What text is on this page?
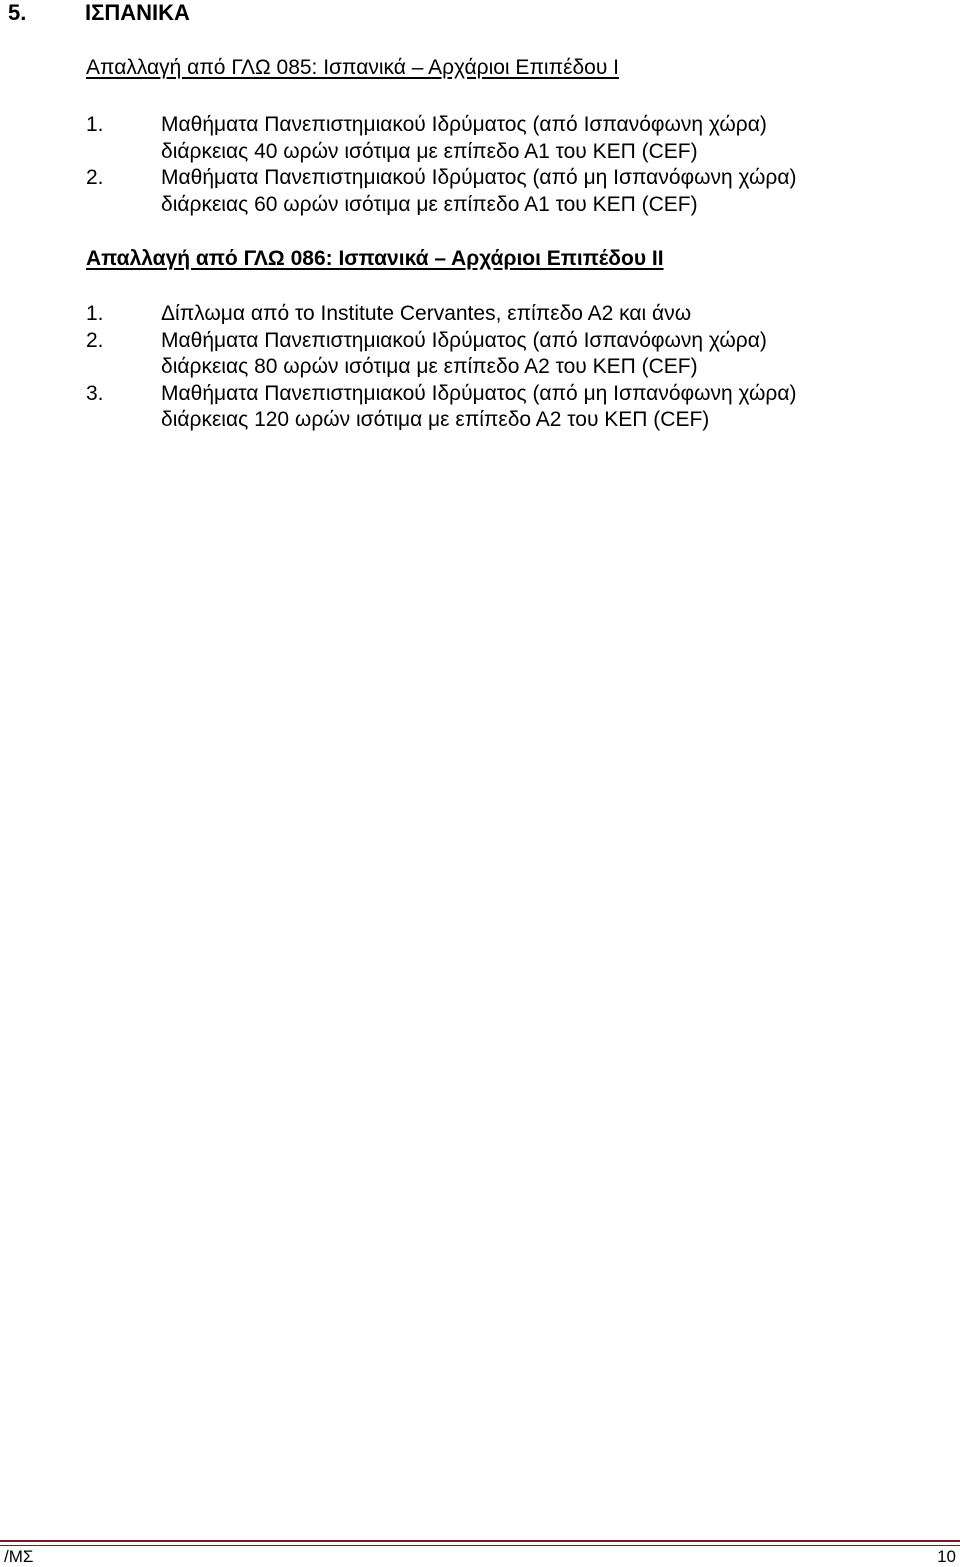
5.	ΙΣΠΑΝΙΚΑ
Απαλλαγή από ΓΛΩ 085: Ισπανικά – Αρχάριοι Επιπέδου Ι
1.	Μαθήματα Πανεπιστημιακού Ιδρύματος (από Ισπανόφωνη χώρα)
διάρκειας 40 ωρών ισότιμα με επίπεδο Α1 του ΚΕΠ (CEF)
2.	Μαθήματα Πανεπιστημιακού Ιδρύματος (από μη Ισπανόφωνη χώρα)
διάρκειας 60 ωρών ισότιμα με επίπεδο Α1 του ΚΕΠ (CEF)
Απαλλαγή από ΓΛΩ 086: Ισπανικά – Αρχάριοι Επιπέδου ΙΙ
1.	Δίπλωμα από το Institute Cervantes, επίπεδο Α2 και άνω
2.	Μαθήματα Πανεπιστημιακού Ιδρύματος (από Ισπανόφωνη χώρα)
διάρκειας 80 ωρών ισότιμα με επίπεδο Α2 του ΚΕΠ (CEF)
3.	Μαθήματα Πανεπιστημιακού Ιδρύματος (από μη Ισπανόφωνη χώρα)
διάρκειας 120 ωρών ισότιμα με επίπεδο Α2 του ΚΕΠ (CEF)
/ΜΣ	10
